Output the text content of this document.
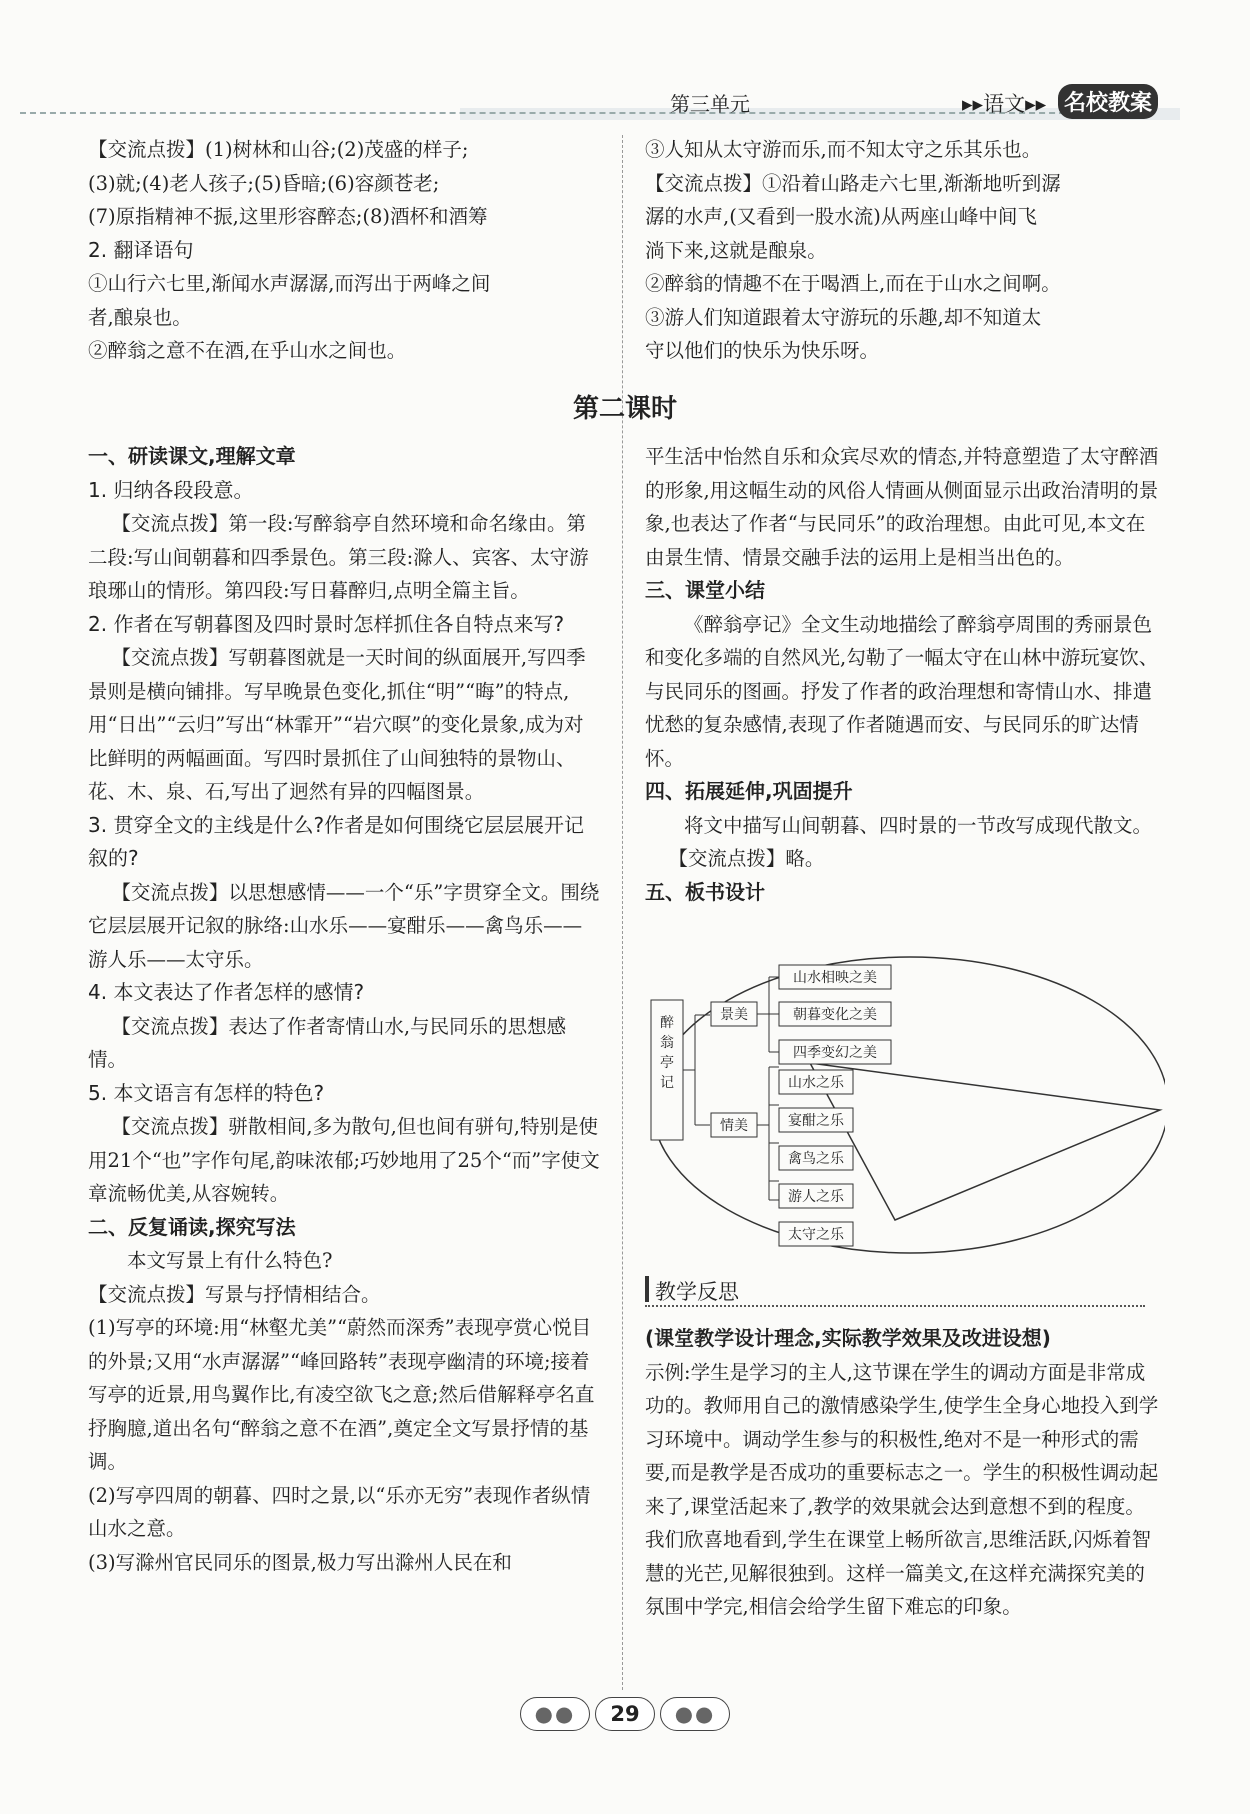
第三单元	▸▸语文▸▸ 名校教案

【交流点拨】(1)树林和山谷;(2)茂盛的样子;

(3)就;(4)老人孩子;(5)昏暗;(6)容颜苍老;

(7)原指精神不振,这里形容醉态;(8)酒杯和酒筹

2. 翻译语句

①山行六七里,渐闻水声潺潺,而泻出于两峰之间

者,酿泉也。

②醉翁之意不在酒,在乎山水之间也。

③人知从太守游而乐,而不知太守之乐其乐也。

【交流点拨】①沿着山路走六七里,渐渐地听到潺

潺的水声,(又看到一股水流)从两座山峰中间飞

淌下来,这就是酿泉。

②醉翁的情趣不在于喝酒上,而在于山水之间啊。

③游人们知道跟着太守游玩的乐趣,却不知道太

守以他们的快乐为快乐呀。

第二课时

一、研读课文,理解文章

1. 归纳各段段意。

【交流点拨】第一段:写醉翁亭自然环境和命名缘由。第二段:写山间朝暮和四季景色。第三段:滁人、宾客、太守游琅琊山的情形。第四段:写日暮醉归,点明全篇主旨。

2. 作者在写朝暮图及四时景时怎样抓住各自特点来写?

【交流点拨】写朝暮图就是一天时间的纵面展开,写四季景则是横向铺排。写早晚景色变化,抓住“明”“晦”的特点,用“日出”“云归”写出“林霏开”“岩穴暝”的变化景象,成为对比鲜明的两幅画面。写四时景抓住了山间独特的景物山、花、木、泉、石,写出了迥然有异的四幅图景。

3. 贯穿全文的主线是什么?作者是如何围绕它层层展开记叙的?

【交流点拨】以思想感情——一个“乐”字贯穿全文。围绕它层层展开记叙的脉络:山水乐——宴酣乐——禽鸟乐——游人乐——太守乐。

4. 本文表达了作者怎样的感情?

【交流点拨】表达了作者寄情山水,与民同乐的思想感情。

5. 本文语言有怎样的特色?

【交流点拨】骈散相间,多为散句,但也间有骈句,特别是使用21个“也”字作句尾,韵味浓郁;巧妙地用了25个“而”字使文章流畅优美,从容婉转。

二、反复诵读,探究写法

本文写景上有什么特色?

【交流点拨】写景与抒情相结合。

(1)写亭的环境:用“林壑尤美”“蔚然而深秀”表现亭赏心悦目的外景;又用“水声潺潺”“峰回路转”表现亭幽清的环境;接着写亭的近景,用鸟翼作比,有凌空欲飞之意;然后借解释亭名直抒胸臆,道出名句“醉翁之意不在酒”,奠定全文写景抒情的基调。

(2)写亭四周的朝暮、四时之景,以“乐亦无穷”表现作者纵情山水之意。

(3)写滁州官民同乐的图景,极力写出滁州人民在和

平生活中怡然自乐和众宾尽欢的情态,并特意塑造了太守醉酒的形象,用这幅生动的风俗人情画从侧面显示出政治清明的景象,也表达了作者“与民同乐”的政治理想。由此可见,本文在由景生情、情景交融手法的运用上是相当出色的。

三、课堂小结

《醉翁亭记》全文生动地描绘了醉翁亭周围的秀丽景色和变化多端的自然风光,勾勒了一幅太守在山林中游玩宴饮、与民同乐的图画。抒发了作者的政治理想和寄情山水、排遣忧愁的复杂感情,表现了作者随遇而安、与民同乐的旷达情怀。

四、拓展延伸,巩固提升

将文中描写山间朝暮、四时景的一节改写成现代散文。

【交流点拨】略。

五、板书设计

醉
翁
亭
记
景美
情美
山水相映之美
朝暮变化之美
四季变幻之美
山水之乐
宴酣之乐
禽鸟之乐
游人之乐
太守之乐
教学反思

(课堂教学设计理念,实际教学效果及改进设想)

示例:学生是学习的主人,这节课在学生的调动方面是非常成功的。教师用自己的激情感染学生,使学生全身心地投入到学习环境中。调动学生参与的积极性,绝对不是一种形式的需要,而是教学是否成功的重要标志之一。学生的积极性调动起来了,课堂活起来了,教学的效果就会达到意想不到的程度。我们欣喜地看到,学生在课堂上畅所欲言,思维活跃,闪烁着智慧的光芒,见解很独到。这样一篇美文,在这样充满探究美的氛围中学完,相信会给学生留下难忘的印象。

●● 29 ●●
